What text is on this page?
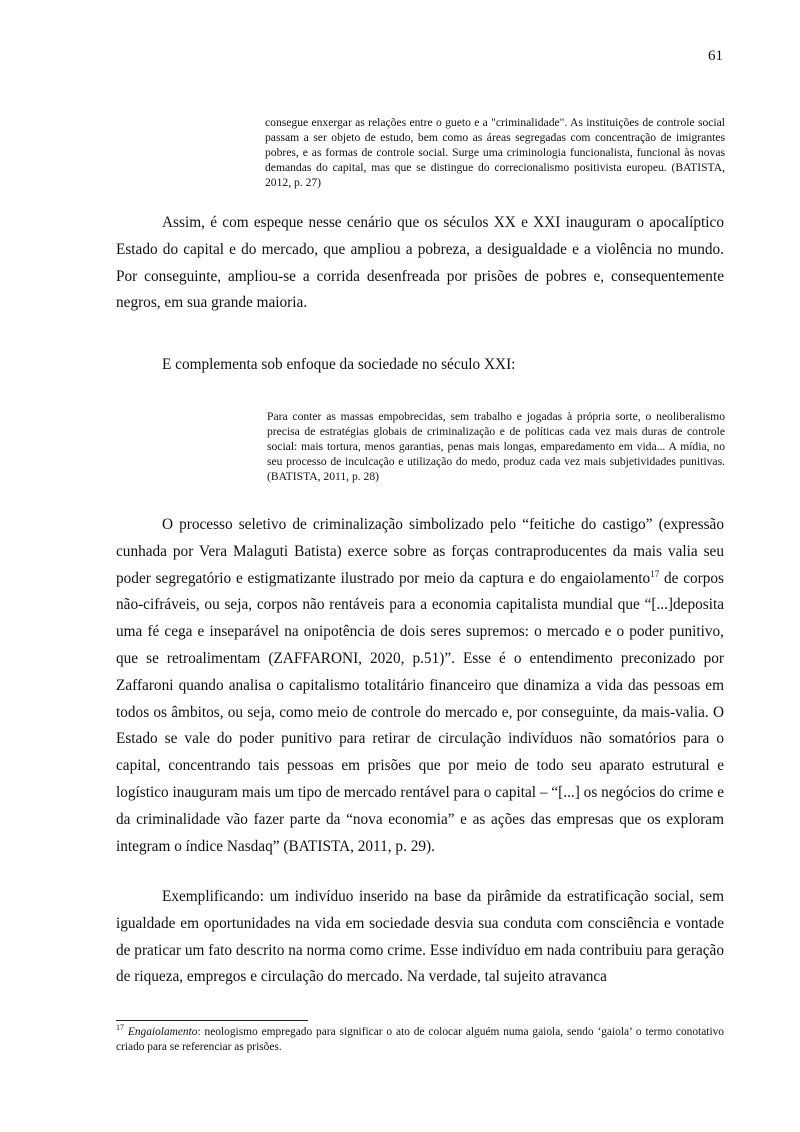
61
consegue enxergar as relações entre o gueto e a "criminalidade". As instituições de controle social passam a ser objeto de estudo, bem como as áreas segregadas com concentração de imigrantes pobres, e as formas de controle social. Surge uma criminologia funcionalista, funcional às novas demandas do capital, mas que se distingue do correcionalismo positivista europeu. (BATISTA, 2012, p. 27)

Assim, é com espeque nesse cenário que os séculos XX e XXI inauguram o apocalíptico Estado do capital e do mercado, que ampliou a pobreza, a desigualdade e a violência no mundo. Por conseguinte, ampliou-se a corrida desenfreada por prisões de pobres e, consequentemente negros, em sua grande maioria.

E complementa sob enfoque da sociedade no século XXI:

Para conter as massas empobrecidas, sem trabalho e jogadas à própria sorte, o neoliberalismo precisa de estratégias globais de criminalização e de políticas cada vez mais duras de controle social: mais tortura, menos garantias, penas mais longas, emparedamento em vida... A mídia, no seu processo de inculcação e utilização do medo, produz cada vez mais subjetividades punitivas. (BATISTA, 2011, p. 28)

O processo seletivo de criminalização simbolizado pelo “feitiche do castigo” (expressão cunhada por Vera Malaguti Batista) exerce sobre as forças contraproducentes da mais valia seu poder segregatório e estigmatizante ilustrado por meio da captura e do engaiolamento$^{17}$ de corpos não-cifráveis, ou seja, corpos não rentáveis para a economia capitalista mundial que “[...]deposita uma fé cega e inseparável na onipotência de dois seres supremos: o mercado e o poder punitivo, que se retroalimentam (ZAFFARONI, 2020, p.51)”. Esse é o entendimento preconizado por Zaffaroni quando analisa o capitalismo totalitário financeiro que dinamiza a vida das pessoas em todos os âmbitos, ou seja, como meio de controle do mercado e, por conseguinte, da mais-valia. O Estado se vale do poder punitivo para retirar de circulação indivíduos não somatórios para o capital, concentrando tais pessoas em prisões que por meio de todo seu aparato estrutural e logístico inauguram mais um tipo de mercado rentável para o capital – “[...] os negócios do crime e da criminalidade vão fazer parte da “nova economia” e as ações das empresas que os exploram integram o índice Nasdaq” (BATISTA, 2011, p. 29).

Exemplificando: um indivíduo inserido na base da pirâmide da estratificação social, sem igualdade em oportunidades na vida em sociedade desvia sua conduta com consciência e vontade de praticar um fato descrito na norma como crime. Esse indivíduo em nada contribuiu para geração de riqueza, empregos e circulação do mercado. Na verdade, tal sujeito atravanca

$^{17}$ Engaiolamento: neologismo empregado para significar o ato de colocar alguém numa gaiola, sendo ‘gaiola’ o termo conotativo criado para se referenciar as prisões.
